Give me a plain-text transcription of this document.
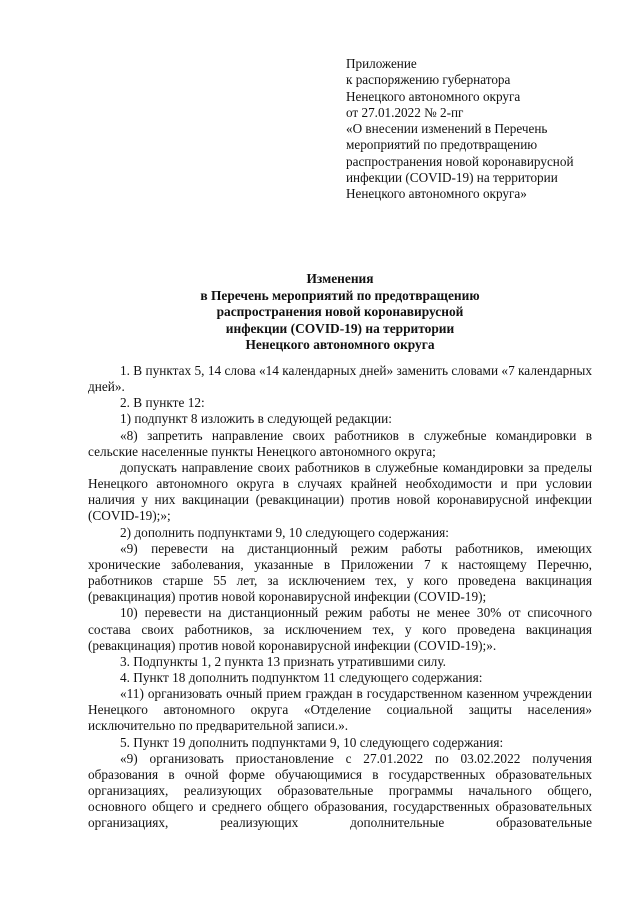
Приложение
к распоряжению губернатора
Ненецкого автономного округа
от 27.01.2022 № 2-пг
«О внесении изменений в Перечень
мероприятий по предотвращению
распространения новой коронавирусной
инфекции (COVID-19) на территории
Ненецкого автономного округа»
Изменения
в Перечень мероприятий по предотвращению
распространения новой коронавирусной
инфекции (COVID-19) на территории
Ненецкого автономного округа

1. В пунктах 5, 14 слова «14 календарных дней» заменить словами «7 календарных дней».

2. В пункте 12:

1) подпункт 8 изложить в следующей редакции:

«8) запретить направление своих работников в служебные командировки в сельские населенные пункты Ненецкого автономного округа;

допускать направление своих работников в служебные командировки за пределы Ненецкого автономного округа в случаях крайней необходимости и при условии наличия у них вакцинации (ревакцинации) против новой коронавирусной инфекции (COVID-19);»;

2) дополнить подпунктами 9, 10 следующего содержания:

«9) перевести на дистанционный режим работы работников, имеющих хронические заболевания, указанные в Приложении 7 к настоящему Перечню, работников старше 55 лет, за исключением тех, у кого проведена вакцинация (ревакцинация) против новой коронавирусной инфекции (COVID-19);

10) перевести на дистанционный режим работы не менее 30% от списочного состава своих работников, за исключением тех, у кого проведена вакцинация (ревакцинация) против новой коронавирусной инфекции (COVID-19);».

3. Подпункты 1, 2 пункта 13 признать утратившими силу.

4. Пункт 18 дополнить подпунктом 11 следующего содержания:

«11) организовать очный прием граждан в государственном казенном учреждении Ненецкого автономного округа «Отделение социальной защиты населения» исключительно по предварительной записи.».

5. Пункт 19 дополнить подпунктами 9, 10 следующего содержания:

«9) организовать приостановление с 27.01.2022 по 03.02.2022 получения образования в очной форме обучающимися в государственных образовательных организациях, реализующих образовательные программы начального общего, основного общего и среднего общего образования, государственных образовательных организациях, реализующих дополнительные образовательные
